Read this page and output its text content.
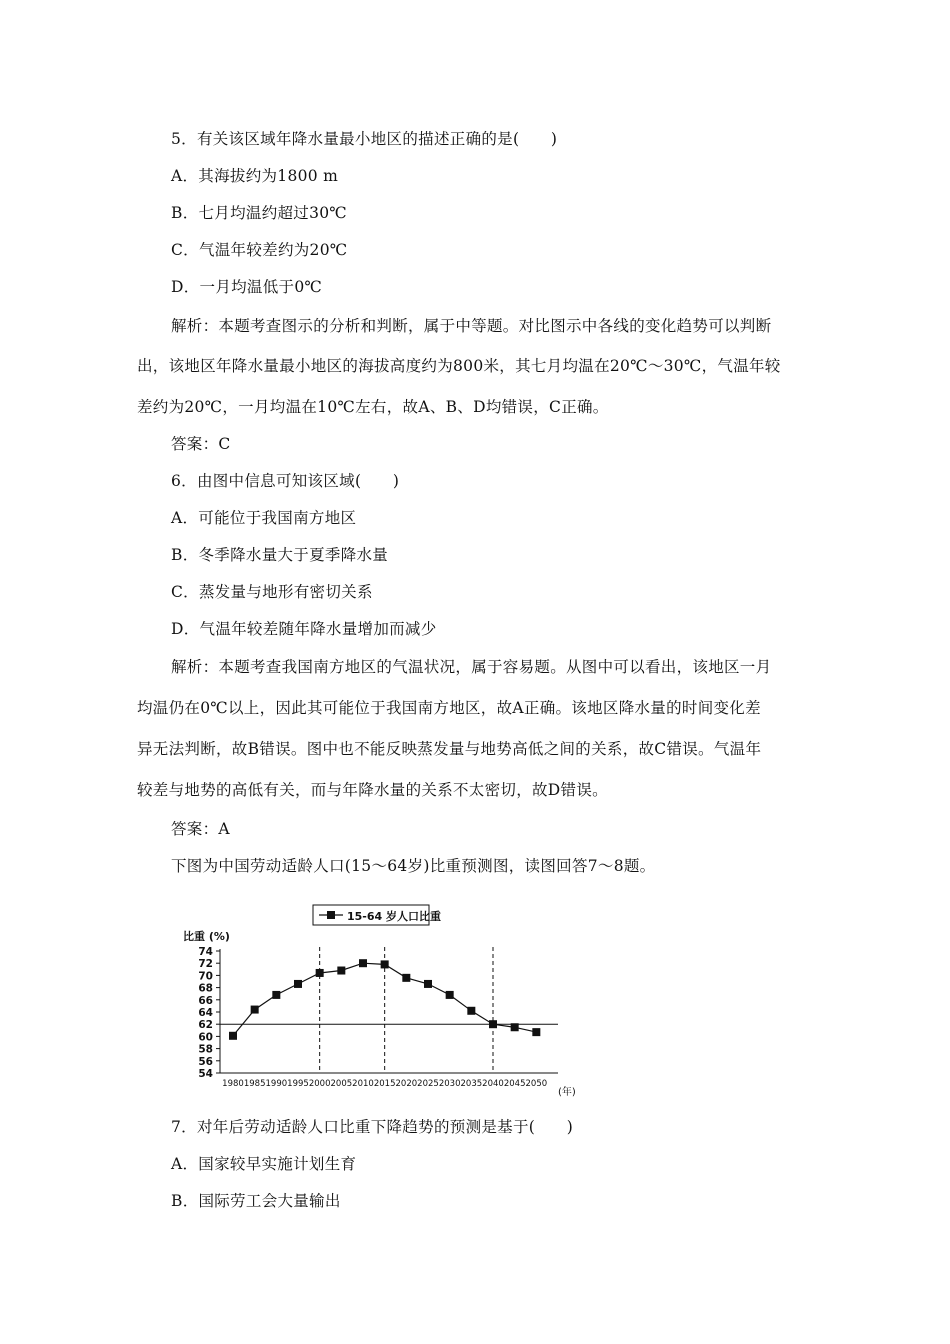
5．有关该区域年降水量最小地区的描述正确的是(　　)
A．其海拔约为1800 m
B．七月均温约超过30℃
C．气温年较差约为20℃
D．一月均温低于0℃
解析：本题考查图示的分析和判断，属于中等题。对比图示中各线的变化趋势可以判断
出，该地区年降水量最小地区的海拔高度约为800米，其七月均温在20℃～30℃，气温年较
差约为20℃，一月均温在10℃左右，故A、B、D均错误，C正确。
答案：C
6．由图中信息可知该区域(　　)
A．可能位于我国南方地区
B．冬季降水量大于夏季降水量
C．蒸发量与地形有密切关系
D．气温年较差随年降水量增加而减少
解析：本题考查我国南方地区的气温状况，属于容易题。从图中可以看出，该地区一月
均温仍在0℃以上，因此其可能位于我国南方地区，故A正确。该地区降水量的时间变化差
异无法判断，故B错误。图中也不能反映蒸发量与地势高低之间的关系，故C错误。气温年
较差与地势的高低有关，而与年降水量的关系不太密切，故D错误。
答案：A
下图为中国劳动适龄人口(15～64岁)比重预测图，读图回答7～8题。
15-64 岁人口比重
比重 (%)
(年)
54
56
58
60
62
64
66
68
70
72
74
1980 1985 1990 1995 2000 2005 2010 2015 2020 2025 2030 2035 2040 2045 2050
7．对年后劳动适龄人口比重下降趋势的预测是基于(　　)
A．国家较早实施计划生育
B．国际劳工会大量输出
